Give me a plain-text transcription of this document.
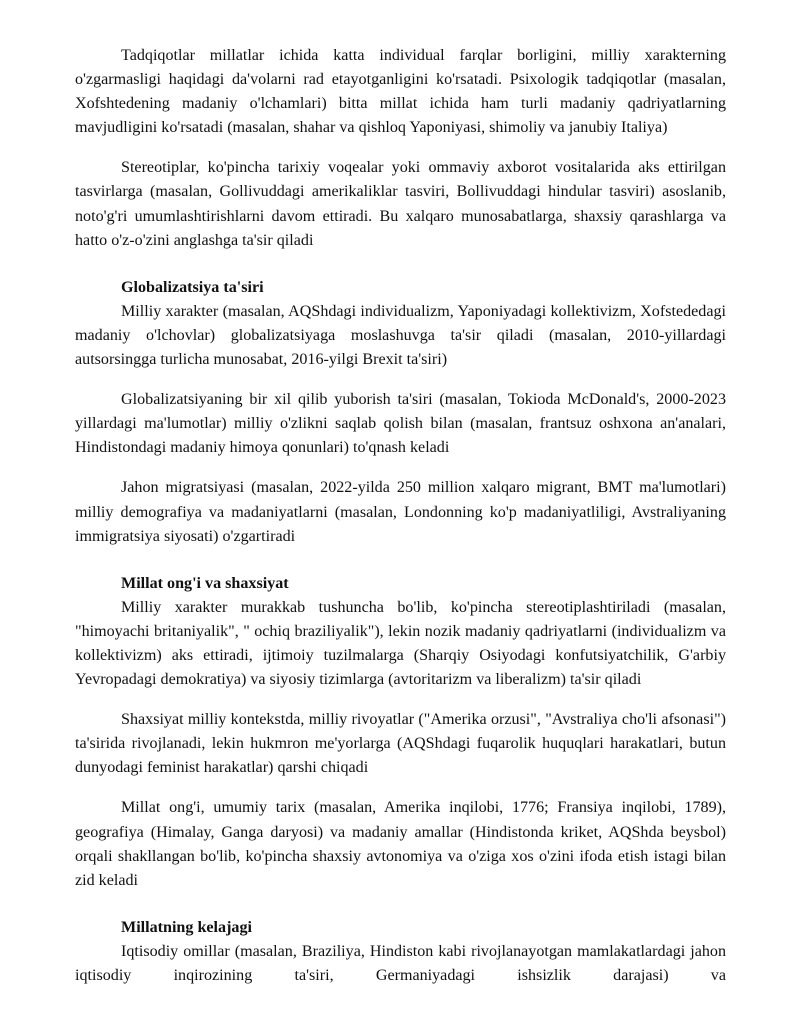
Tadqiqotlar millatlar ichida katta individual farqlar borligini, milliy xarakterning o'zgarmasligi haqidagi da'volarni rad etayotganligini ko'rsatadi. Psixologik tadqiqotlar (masalan, Xofshtedening madaniy o'lchamlari) bitta millat ichida ham turli madaniy qadriyatlarning mavjudligini ko'rsatadi (masalan, shahar va qishloq Yaponiyasi, shimoliy va janubiy Italiya)

Stereotiplar, ko'pincha tarixiy voqealar yoki ommaviy axborot vositalarida aks ettirilgan tasvirlarga (masalan, Gollivuddagi amerikaliklar tasviri, Bollivuddagi hindular tasviri) asoslanib, noto'g'ri umumlashtirishlarni davom ettiradi. Bu xalqaro munosabatlarga, shaxsiy qarashlarga va hatto o'z-o'zini anglashga ta'sir qiladi

Globalizatsiya ta'siri

Milliy xarakter (masalan, AQShdagi individualizm, Yaponiyadagi kollektivizm, Xofstededagi madaniy o'lchovlar) globalizatsiyaga moslashuvga ta'sir qiladi (masalan, 2010-yillardagi autsorsingga turlicha munosabat, 2016-yilgi Brexit ta'siri)

Globalizatsiyaning bir xil qilib yuborish ta'siri (masalan, Tokioda McDonald's, 2000-2023 yillardagi ma'lumotlar) milliy o'zlikni saqlab qolish bilan (masalan, frantsuz oshxona an'analari, Hindistondagi madaniy himoya qonunlari) to'qnash keladi

Jahon migratsiyasi (masalan, 2022-yilda 250 million xalqaro migrant, BMT ma'lumotlari) milliy demografiya va madaniyatlarni (masalan, Londonning ko'p madaniyatliligi, Avstraliyaning immigratsiya siyosati) o'zgartiradi

Millat ong'i va shaxsiyat

Milliy xarakter murakkab tushuncha bo'lib, ko'pincha stereotiplashtiriladi (masalan, "himoyachi britaniyalik", " ochiq braziliyalik"), lekin nozik madaniy qadriyatlarni (individualizm va kollektivizm) aks ettiradi, ijtimoiy tuzilmalarga (Sharqiy Osiyodagi konfutsiyatchilik, G'arbiy Yevropadagi demokratiya) va siyosiy tizimlarga (avtoritarizm va liberalizm) ta'sir qiladi

Shaxsiyat milliy kontekstda, milliy rivoyatlar ("Amerika orzusi", "Avstraliya cho'li afsonasi") ta'sirida rivojlanadi, lekin hukmron me'yorlarga (AQShdagi fuqarolik huquqlari harakatlari, butun dunyodagi feminist harakatlar) qarshi chiqadi

Millat ong'i, umumiy tarix (masalan, Amerika inqilobi, 1776; Fransiya inqilobi, 1789), geografiya (Himalay, Ganga daryosi) va madaniy amallar (Hindistonda kriket, AQShda beysbol) orqali shakllangan bo'lib, ko'pincha shaxsiy avtonomiya va o'ziga xos o'zini ifoda etish istagi bilan zid keladi

Millatning kelajagi

Iqtisodiy omillar (masalan, Braziliya, Hindiston kabi rivojlanayotgan mamlakatlardagi jahon iqtisodiy inqirozining ta'siri, Germaniyadagi ishsizlik darajasi) va
